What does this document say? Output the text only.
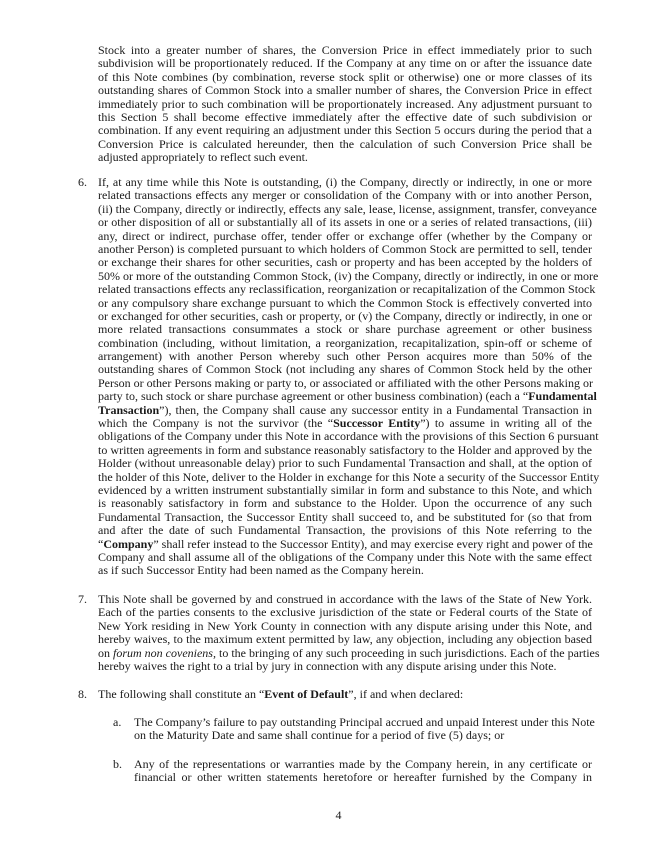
Stock into a greater number of shares, the Conversion Price in effect immediately prior to such
subdivision will be proportionately reduced. If the Company at any time on or after the issuance date
of this Note combines (by combination, reverse stock split or otherwise) one or more classes of its
outstanding shares of Common Stock into a smaller number of shares, the Conversion Price in effect
immediately prior to such combination will be proportionately increased. Any adjustment pursuant to
this Section 5 shall become effective immediately after the effective date of such subdivision or
combination. If any event requiring an adjustment under this Section 5 occurs during the period that a
Conversion Price is calculated hereunder, then the calculation of such Conversion Price shall be
adjusted appropriately to reflect such event.
6. If, at any time while this Note is outstanding, (i) the Company, directly or indirectly, in one or more
related transactions effects any merger or consolidation of the Company with or into another Person,
(ii) the Company, directly or indirectly, effects any sale, lease, license, assignment, transfer, conveyance
or other disposition of all or substantially all of its assets in one or a series of related transactions, (iii)
any, direct or indirect, purchase offer, tender offer or exchange offer (whether by the Company or
another Person) is completed pursuant to which holders of Common Stock are permitted to sell, tender
or exchange their shares for other securities, cash or property and has been accepted by the holders of
50% or more of the outstanding Common Stock, (iv) the Company, directly or indirectly, in one or more
related transactions effects any reclassification, reorganization or recapitalization of the Common Stock
or any compulsory share exchange pursuant to which the Common Stock is effectively converted into
or exchanged for other securities, cash or property, or (v) the Company, directly or indirectly, in one or
more related transactions consummates a stock or share purchase agreement or other business
combination (including, without limitation, a reorganization, recapitalization, spin-off or scheme of
arrangement) with another Person whereby such other Person acquires more than 50% of the
outstanding shares of Common Stock (not including any shares of Common Stock held by the other
Person or other Persons making or party to, or associated or affiliated with the other Persons making or
party to, such stock or share purchase agreement or other business combination) (each a “Fundamental
Transaction”), then, the Company shall cause any successor entity in a Fundamental Transaction in
which the Company is not the survivor (the “Successor Entity”) to assume in writing all of the
obligations of the Company under this Note in accordance with the provisions of this Section 6 pursuant
to written agreements in form and substance reasonably satisfactory to the Holder and approved by the
Holder (without unreasonable delay) prior to such Fundamental Transaction and shall, at the option of
the holder of this Note, deliver to the Holder in exchange for this Note a security of the Successor Entity
evidenced by a written instrument substantially similar in form and substance to this Note, and which
is reasonably satisfactory in form and substance to the Holder. Upon the occurrence of any such
Fundamental Transaction, the Successor Entity shall succeed to, and be substituted for (so that from
and after the date of such Fundamental Transaction, the provisions of this Note referring to the
“Company” shall refer instead to the Successor Entity), and may exercise every right and power of the
Company and shall assume all of the obligations of the Company under this Note with the same effect
as if such Successor Entity had been named as the Company herein.
7. This Note shall be governed by and construed in accordance with the laws of the State of New York.
Each of the parties consents to the exclusive jurisdiction of the state or Federal courts of the State of
New York residing in New York County in connection with any dispute arising under this Note, and
hereby waives, to the maximum extent permitted by law, any objection, including any objection based
on forum non coveniens, to the bringing of any such proceeding in such jurisdictions. Each of the parties
hereby waives the right to a trial by jury in connection with any dispute arising under this Note.
8. The following shall constitute an “Event of Default”, if and when declared:
a. The Company’s failure to pay outstanding Principal accrued and unpaid Interest under this Note
on the Maturity Date and same shall continue for a period of five (5) days; or
b. Any of the representations or warranties made by the Company herein, in any certificate or
financial or other written statements heretofore or hereafter furnished by the Company in
4
